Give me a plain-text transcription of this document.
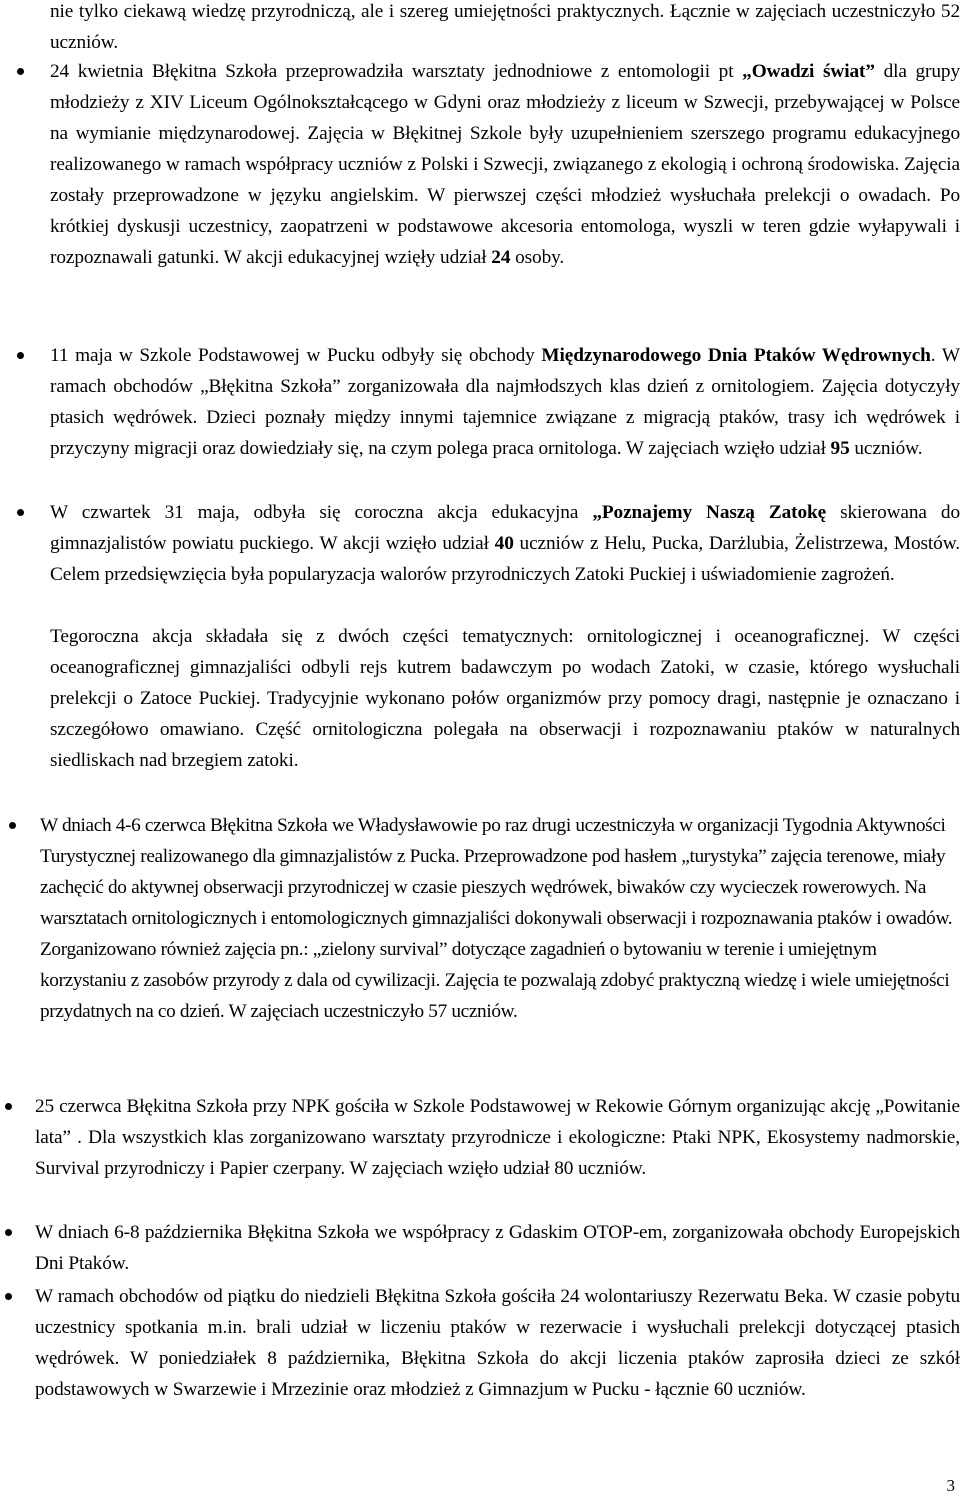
nie tylko ciekawą wiedzę przyrodniczą, ale i szereg umiejętności praktycznych. Łącznie w zajęciach uczestniczyło 52 uczniów.

24 kwietnia Błękitna Szkoła przeprowadziła warsztaty jednodniowe z entomologii pt „Owadzi świat” dla grupy młodzieży z XIV Liceum Ogólnokształcącego w Gdyni oraz młodzieży z liceum w Szwecji, przebywającej w Polsce na wymianie międzynarodowej. Zajęcia w Błękitnej Szkole były uzupełnieniem szerszego programu edukacyjnego realizowanego w ramach współpracy uczniów z Polski i Szwecji, związanego z ekologią i ochroną środowiska. Zajęcia zostały przeprowadzone w języku angielskim. W pierwszej części młodzież wysłuchała prelekcji o owadach. Po krótkiej dyskusji uczestnicy, zaopatrzeni w podstawowe akcesoria entomologa, wyszli w teren gdzie wyłapywali i rozpoznawali gatunki. W akcji edukacyjnej wzięły udział 24 osoby.

11 maja w Szkole Podstawowej w Pucku odbyły się obchody Międzynarodowego Dnia Ptaków Wędrownych. W ramach obchodów „Błękitna Szkoła” zorganizowała dla najmłodszych klas dzień z ornitologiem. Zajęcia dotyczyły ptasich wędrówek. Dzieci poznały między innymi tajemnice związane z migracją ptaków, trasy ich wędrówek i przyczyny migracji oraz dowiedziały się, na czym polega praca ornitologa. W zajęciach wzięło udział 95 uczniów.

W czwartek 31 maja, odbyła się coroczna akcja edukacyjna „Poznajemy Naszą Zatokę skierowana do gimnazjalistów powiatu puckiego. W akcji wzięło udział 40 uczniów z Helu, Pucka, Darżlubia, Żelistrzewa, Mostów. Celem przedsięwzięcia była popularyzacja walorów przyrodniczych Zatoki Puckiej i uświadomienie zagrożeń.

Tegoroczna akcja składała się z dwóch części tematycznych: ornitologicznej i oceanograficznej. W części oceanograficznej gimnazjaliści odbyli rejs kutrem badawczym po wodach Zatoki, w czasie, którego wysłuchali prelekcji o Zatoce Puckiej. Tradycyjnie wykonano połów organizmów przy pomocy dragi, następnie je oznaczano i szczegółowo omawiano. Część ornitologiczna polegała na obserwacji i rozpoznawaniu ptaków w naturalnych siedliskach nad brzegiem zatoki.

W dniach 4-6 czerwca Błękitna Szkoła we Władysławowie po raz drugi uczestniczyła w organizacji Tygodnia Aktywności Turystycznej realizowanego dla gimnazjalistów z Pucka. Przeprowadzone pod hasłem „turystyka” zajęcia terenowe, miały zachęcić do aktywnej obserwacji przyrodniczej w czasie pieszych wędrówek, biwaków czy wycieczek rowerowych. Na warsztatach ornitologicznych i entomologicznych gimnazjaliści dokonywali obserwacji i rozpoznawania ptaków i owadów. Zorganizowano również zajęcia pn.: „zielony survival” dotyczące zagadnień o bytowaniu w terenie i umiejętnym korzystaniu z zasobów przyrody z dala od cywilizacji. Zajęcia te pozwalają zdobyć praktyczną wiedzę i wiele umiejętności przydatnych na co dzień. W zajęciach uczestniczyło 57 uczniów.

25 czerwca Błękitna Szkoła przy NPK gościła w Szkole Podstawowej w Rekowie Górnym organizując akcję „Powitanie lata” . Dla wszystkich klas zorganizowano warsztaty przyrodnicze i ekologiczne: Ptaki NPK, Ekosystemy nadmorskie, Survival przyrodniczy i Papier czerpany. W zajęciach wzięło udział 80 uczniów.

W dniach 6-8 października Błękitna Szkoła we współpracy z Gdaskim OTOP-em, zorganizowała obchody Europejskich Dni Ptaków.

W ramach obchodów od piątku do niedzieli Błękitna Szkoła gościła 24 wolontariuszy Rezerwatu Beka. W czasie pobytu uczestnicy spotkania m.in. brali udział w liczeniu ptaków w rezerwacie i wysłuchali prelekcji dotyczącej ptasich wędrówek. W poniedziałek 8 października, Błękitna Szkoła do akcji liczenia ptaków zaprosiła dzieci ze szkół podstawowych w Swarzewie i Mrzezinie oraz młodzież z Gimnazjum w Pucku - łącznie 60 uczniów.

3
